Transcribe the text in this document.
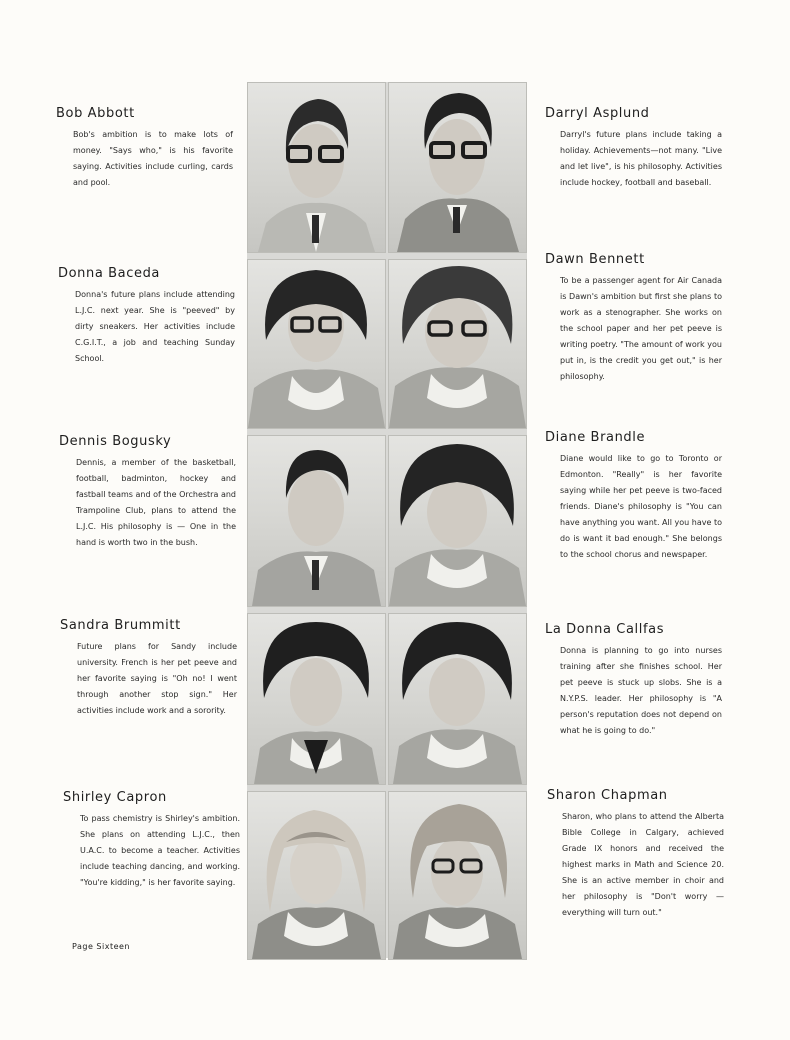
Bob Abbott
Bob's ambition is to make lots of money. "Says who," is his favorite saying. Activities include curling, cards and pool.
Donna Baceda
Donna's future plans include attending L.J.C. next year. She is "peeved" by dirty sneakers. Her activities include C.G.I.T., a job and teaching Sunday School.
Dennis Bogusky
Dennis, a member of the basketball, football, badminton, hockey and fastball teams and of the Orchestra and Trampoline Club, plans to attend the L.J.C. His philosophy is — One in the hand is worth two in the bush.
Sandra Brummitt
Future plans for Sandy include university. French is her pet peeve and her favorite saying is "Oh no! I went through another stop sign." Her activities include work and a sorority.
Shirley Capron
To pass chemistry is Shirley's ambition. She plans on attending L.J.C., then U.A.C. to become a teacher. Activities include teaching dancing, and working. "You're kidding," is her favorite saying.
Darryl Asplund
Darryl's future plans include taking a holiday. Achievements—not many. "Live and let live", is his philosophy. Activities include hockey, football and baseball.
Dawn Bennett
To be a passenger agent for Air Canada is Dawn's ambition but first she plans to work as a stenographer. She works on the school paper and her pet peeve is writing poetry. "The amount of work you put in, is the credit you get out," is her philosophy.
Diane Brandle
Diane would like to go to Toronto or Edmonton. "Really" is her favorite saying while her pet peeve is two-faced friends. Diane's philosophy is "You can have anything you want. All you have to do is want it bad enough." She belongs to the school chorus and newspaper.
La Donna Callfas
Donna is planning to go into nurses training after she finishes school. Her pet peeve is stuck up slobs. She is a N.Y.P.S. leader. Her philosophy is "A person's reputation does not depend on what he is going to do."
Sharon Chapman
Sharon, who plans to attend the Alberta Bible College in Calgary, achieved Grade IX honors and received the highest marks in Math and Science 20. She is an active member in choir and her philosophy is "Don't worry — everything will turn out."
Page Sixteen
